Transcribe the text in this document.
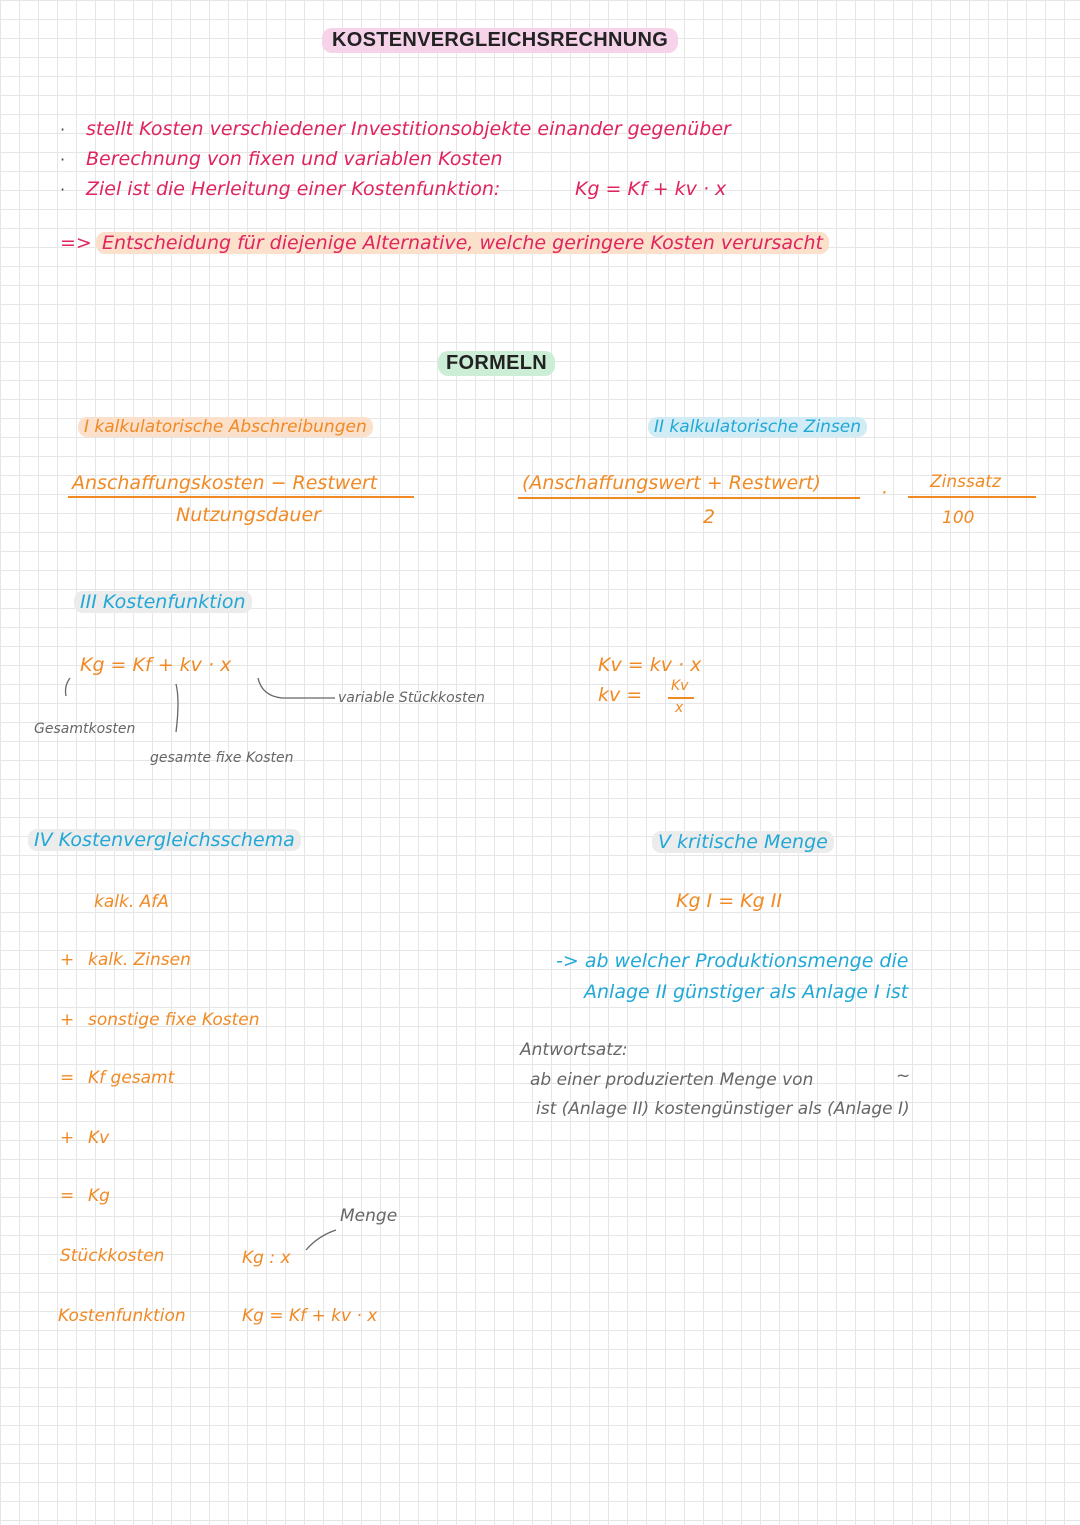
KOSTENVERGLEICHSRECHNUNG
· stellt Kosten verschiedener Investitionsobjekte einander gegenüber
· Berechnung von fixen und variablen Kosten
· Ziel ist die Herleitung einer Kostenfunktion:	Kg = Kf + kv · x
=> Entscheidung für diejenige Alternative, welche geringere Kosten verursacht
FORMELN
I kalkulatorische Abschreibungen
Anschaffungskosten − Restwert
Nutzungsdauer
II kalkulatorische Zinsen
(Anschaffungswert + Restwert)
2
·	Zinssatz
100
III Kostenfunktion
Kg = Kf + kv · x
variable Stückkosten
Gesamtkosten
gesamte fixe Kosten
Kv = kv · x
kv = Kv
x
IV Kostenvergleichsschema
kalk. AfA
+ kalk. Zinsen
+ sonstige fixe Kosten
= Kf gesamt
+ Kv
= Kg
Menge
Stückkosten	Kg : x
Kostenfunktion	Kg = Kf + kv · x
V kritische Menge
Kg I = Kg II
-> ab welcher Produktionsmenge die
Anlage II günstiger als Anlage I ist
Antwortsatz:
ab einer produzierten Menge von	~
ist (Anlage II) kostengünstiger als (Anlage I)
